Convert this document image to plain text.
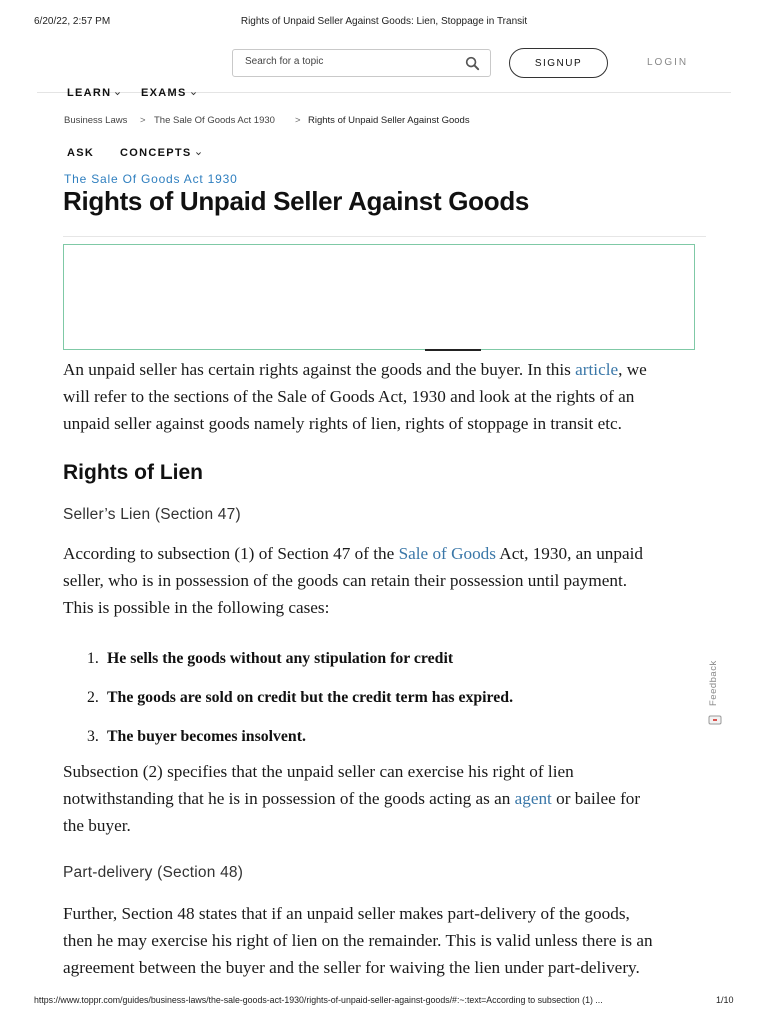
6/20/22, 2:57 PM	Rights of Unpaid Seller Against Goods: Lien, Stoppage in Transit
Search for a topic
SIGNUP	LOGIN
LEARN	EXAMS
Business Laws > The Sale Of Goods Act 1930 > Rights of Unpaid Seller Against Goods
ASK CONCEPTS
The Sale Of Goods Act 1930
Rights of Unpaid Seller Against Goods
An unpaid seller has certain rights against the goods and the buyer. In this article, we
will refer to the sections of the Sale of Goods Act, 1930 and look at the rights of an
unpaid seller against goods namely rights of lien, rights of stoppage in transit etc.
Rights of Lien
Seller’s Lien (Section 47)
According to subsection (1) of Section 47 of the Sale of Goods Act, 1930, an unpaid
seller, who is in possession of the goods can retain their possession until payment.
This is possible in the following cases:
1. He sells the goods without any stipulation for credit
2. The goods are sold on credit but the credit term has expired.
3. The buyer becomes insolvent.
Subsection (2) specifies that the unpaid seller can exercise his right of lien
notwithstanding that he is in possession of the goods acting as an agent or bailee for
the buyer.
Part-delivery (Section 48)
Further, Section 48 states that if an unpaid seller makes part-delivery of the goods,
then he may exercise his right of lien on the remainder. This is valid unless there is an
agreement between the buyer and the seller for waiving the lien under part-delivery.
Feedback
https://www.toppr.com/guides/business-laws/the-sale-goods-act-1930/rights-of-unpaid-seller-against-goods/#:~:text=According to subsection (1) ...	1/10
